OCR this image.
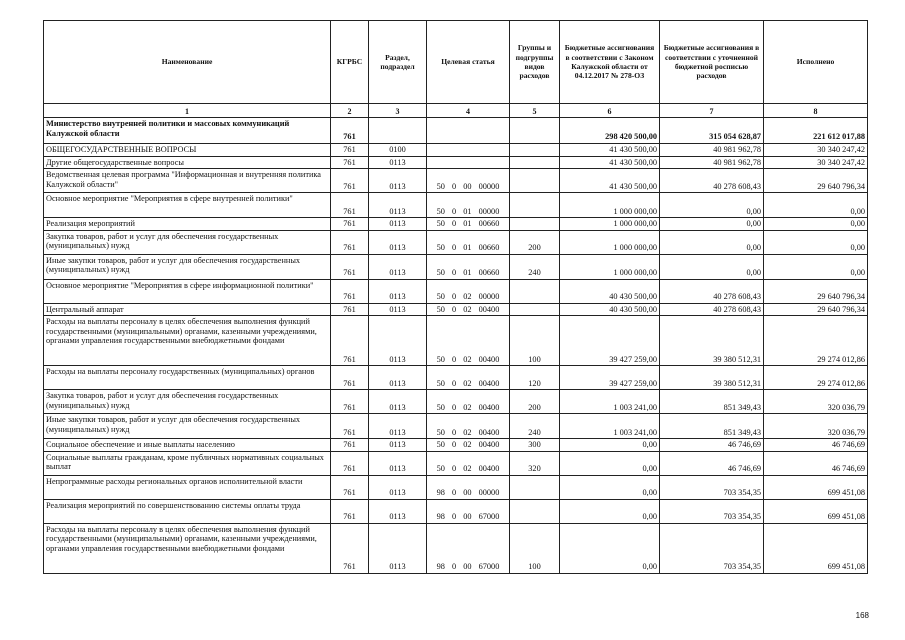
Наименование	КГРБС	Раздел, подраздел	Целевая статья	Группы и подгруппы видов расходов	Бюджетные ассигнования в соответствии с Законом Калужской области от 04.12.2017 № 278-ОЗ	Бюджетные ассигнования в соответствии с уточненной бюджетной росписью расходов	Исполнено
1	2	3	4	5	6	7	8
Министерство внутренней политики и массовых коммуникаций Калужской области	761				298 420 500,00	315 054 628,87	221 612 017,88
ОБЩЕГОСУДАРСТВЕННЫЕ ВОПРОСЫ	761	0100			41 430 500,00	40 981 962,78	30 340 247,42
Другие общегосударственные вопросы	761	0113			41 430 500,00	40 981 962,78	30 340 247,42
Ведомственная целевая программа "Информационная и внутренняя политика Калужской области"	761	0113	50 0 00 00000		41 430 500,00	40 278 608,43	29 640 796,34
Основное мероприятие "Мероприятия в сфере внутренней политики"	761	0113	50 0 01 00000		1 000 000,00	0,00	0,00
Реализация мероприятий	761	0113	50 0 01 00660		1 000 000,00	0,00	0,00
Закупка товаров, работ и услуг для обеспечения государственных (муниципальных) нужд	761	0113	50 0 01 00660	200	1 000 000,00	0,00	0,00
Иные закупки товаров, работ и услуг для обеспечения государственных (муниципальных) нужд	761	0113	50 0 01 00660	240	1 000 000,00	0,00	0,00
Основное мероприятие "Мероприятия в сфере информационной политики"	761	0113	50 0 02 00000		40 430 500,00	40 278 608,43	29 640 796,34
Центральный аппарат	761	0113	50 0 02 00400		40 430 500,00	40 278 608,43	29 640 796,34
Расходы на выплаты персоналу в целях обеспечения выполнения функций государственными (муниципальными) органами, казенными учреждениями, органами управления государственными внебюджетными фондами	761	0113	50 0 02 00400	100	39 427 259,00	39 380 512,31	29 274 012,86
Расходы на выплаты персоналу государственных (муниципальных) органов	761	0113	50 0 02 00400	120	39 427 259,00	39 380 512,31	29 274 012,86
Закупка товаров, работ и услуг для обеспечения государственных (муниципальных) нужд	761	0113	50 0 02 00400	200	1 003 241,00	851 349,43	320 036,79
Иные закупки товаров, работ и услуг для обеспечения государственных (муниципальных) нужд	761	0113	50 0 02 00400	240	1 003 241,00	851 349,43	320 036,79
Социальное обеспечение и иные выплаты населению	761	0113	50 0 02 00400	300	0,00	46 746,69	46 746,69
Социальные выплаты гражданам, кроме публичных нормативных социальных выплат	761	0113	50 0 02 00400	320	0,00	46 746,69	46 746,69
Непрограммные расходы региональных органов исполнительной власти	761	0113	98 0 00 00000		0,00	703 354,35	699 451,08
Реализация мероприятий по совершенствованию системы оплаты труда	761	0113	98 0 00 67000		0,00	703 354,35	699 451,08
Расходы на выплаты персоналу в целях обеспечения выполнения функций государственными (муниципальными) органами, казенными учреждениями, органами управления государственными внебюджетными фондами	761	0113	98 0 00 67000	100	0,00	703 354,35	699 451,08
168
